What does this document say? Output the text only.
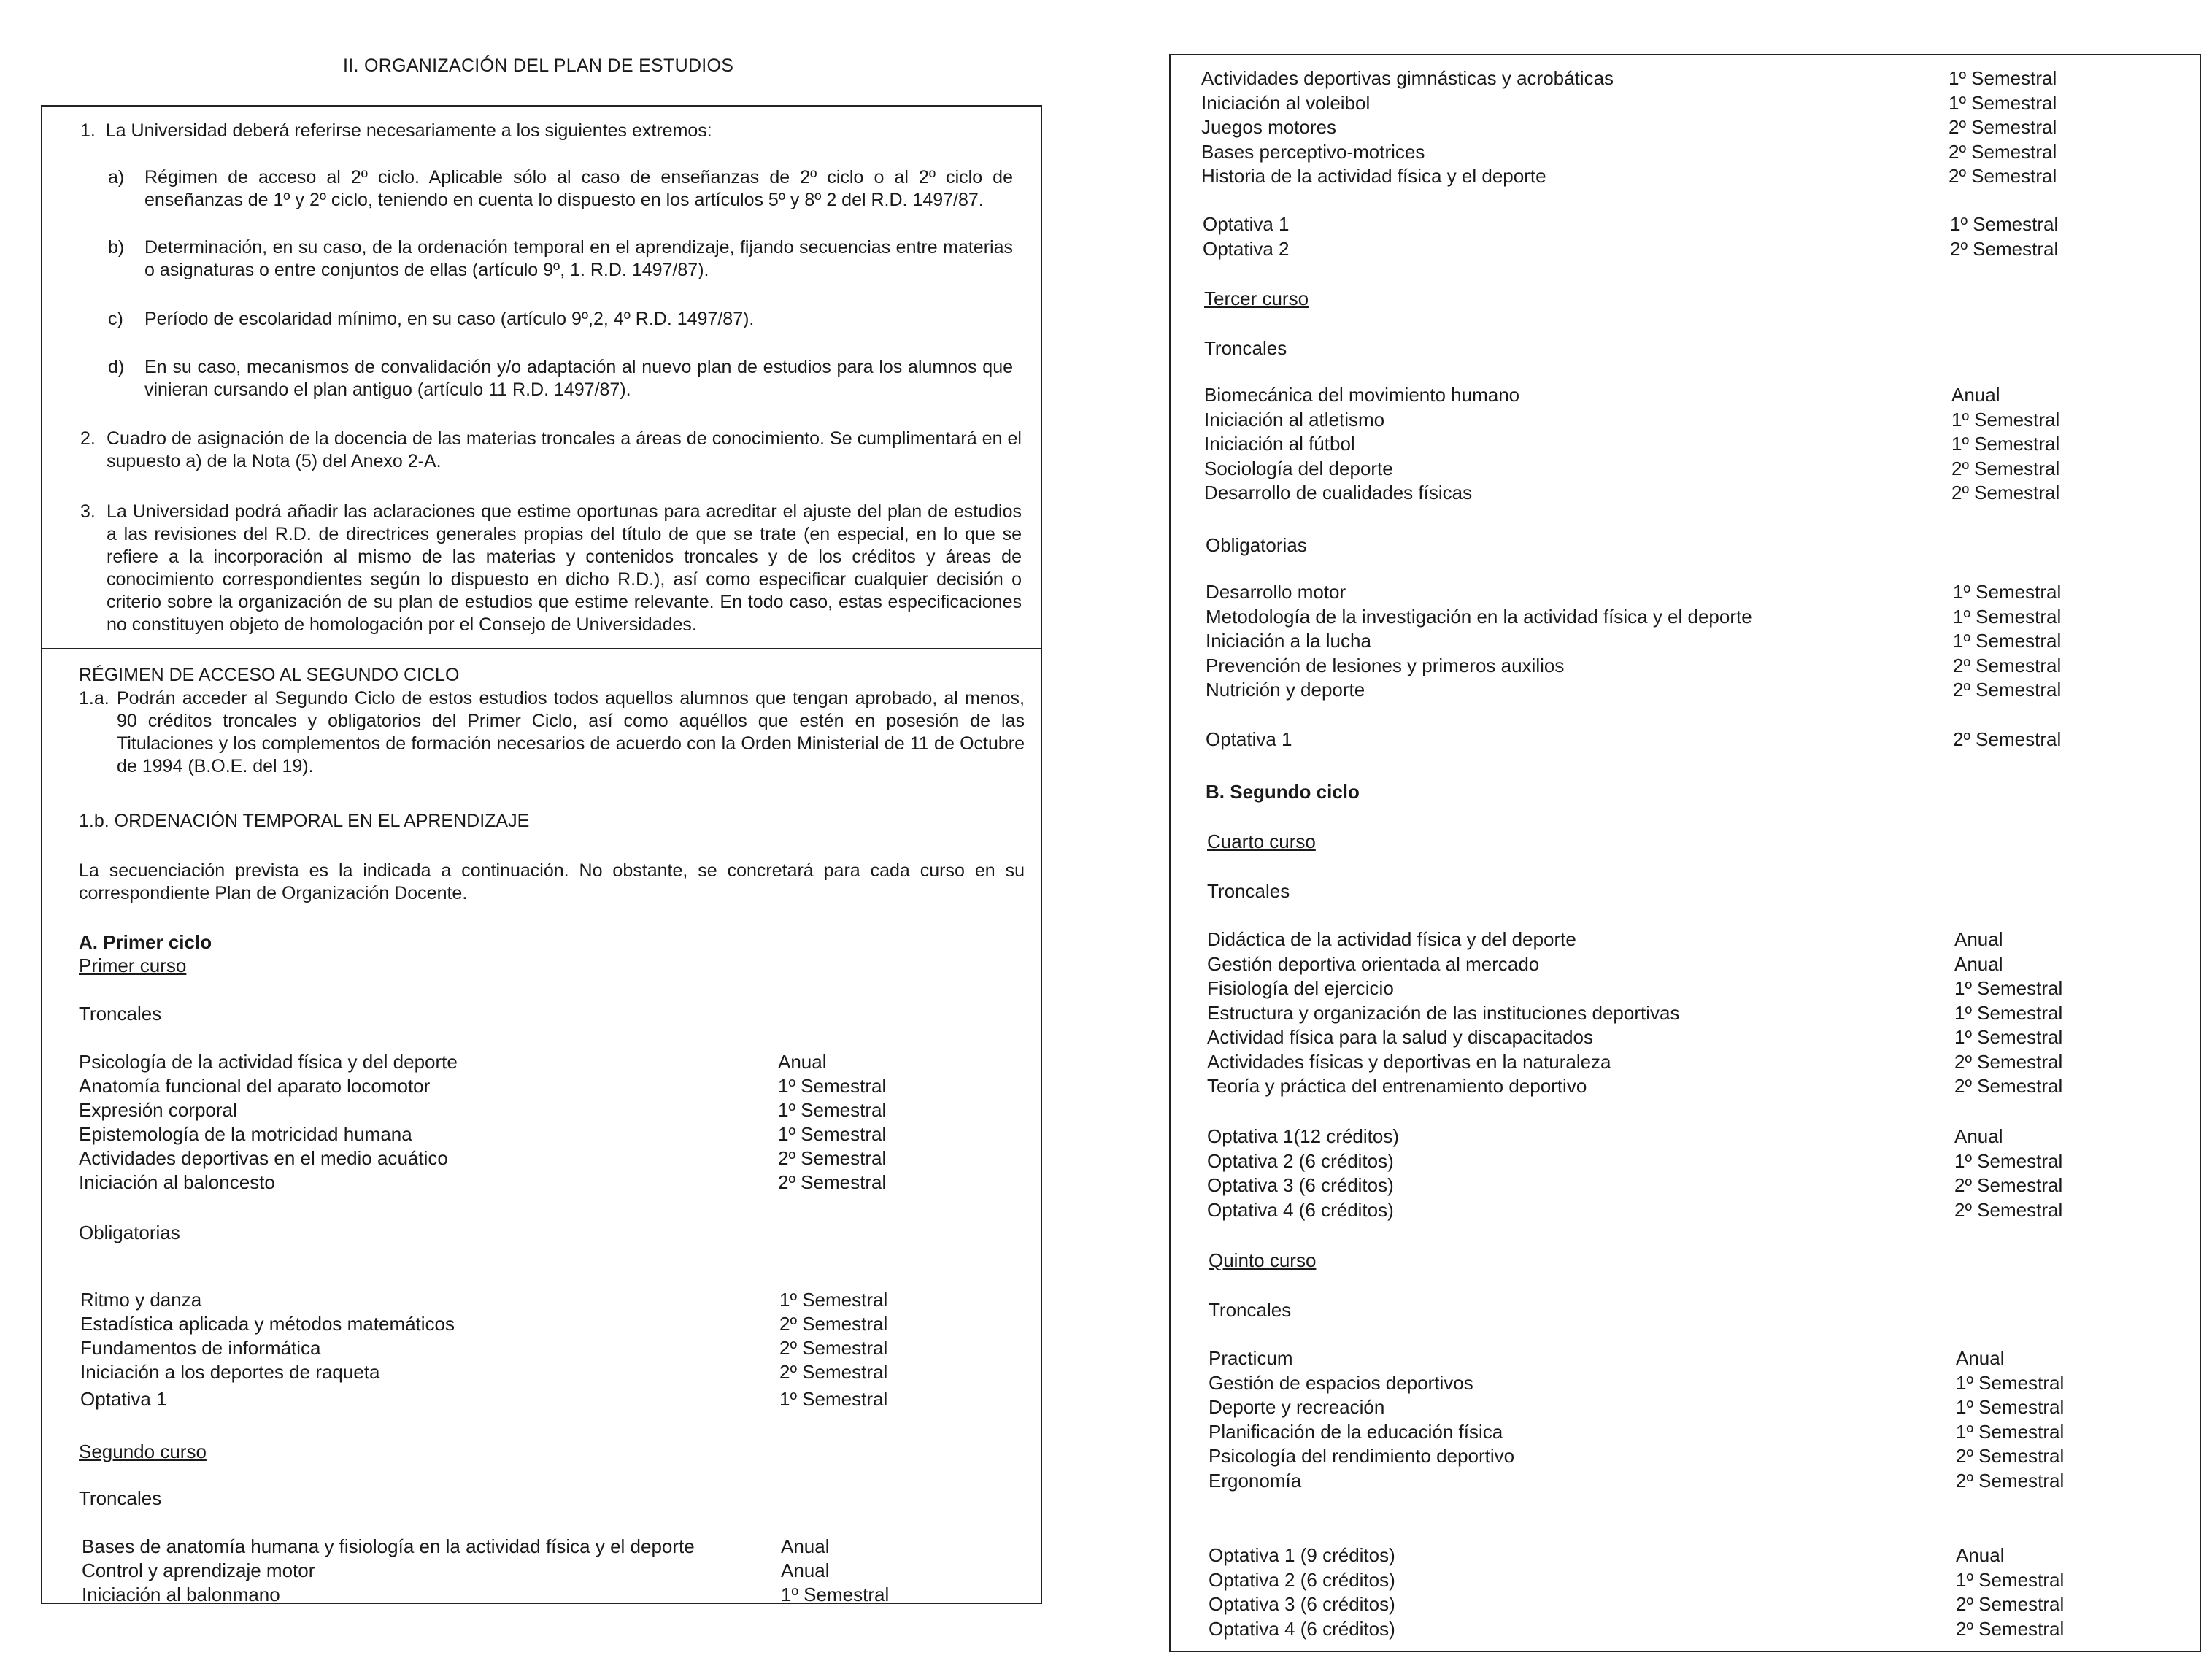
II. ORGANIZACIÓN DEL PLAN DE ESTUDIOS
1. La Universidad deberá referirse necesariamente a los siguientes extremos:
a)	Régimen de acceso al 2º ciclo. Aplicable sólo al caso de enseñanzas de 2º ciclo o al 2º ciclo de enseñanzas de 1º y 2º ciclo, teniendo en cuenta lo dispuesto en los artículos 5º y 8º 2 del R.D. 1497/87.
b)	Determinación, en su caso, de la ordenación temporal en el aprendizaje, fijando secuencias entre materias o asignaturas o entre conjuntos de ellas (artículo 9º, 1. R.D. 1497/87).
c)	Período de escolaridad mínimo, en su caso (artículo 9º,2, 4º R.D. 1497/87).
d)	En su caso, mecanismos de convalidación y/o adaptación al nuevo plan de estudios para los alumnos que vinieran cursando el plan antiguo (artículo 11 R.D. 1497/87).
2. Cuadro de asignación de la docencia de las materias troncales a áreas de conocimiento. Se cumplimentará en el supuesto a) de la Nota (5) del Anexo 2-A.
3. La Universidad podrá añadir las aclaraciones que estime oportunas para acreditar el ajuste del plan de estudios a las revisiones del R.D. de directrices generales propias del título de que se trate (en especial, en lo que se refiere a la incorporación al mismo de las materias y contenidos troncales y de los créditos y áreas de conocimiento correspondientes según lo dispuesto en dicho R.D.), así como especificar cualquier decisión o criterio sobre la organización de su plan de estudios que estime relevante. En todo caso, estas especificaciones no constituyen objeto de homologación por el Consejo de Universidades.
RÉGIMEN DE ACCESO AL SEGUNDO CICLO
1.a. Podrán acceder al Segundo Ciclo de estos estudios todos aquellos alumnos que tengan aprobado, al menos, 90 créditos troncales y obligatorios del Primer Ciclo, así como aquéllos que estén en posesión de las Titulaciones y los complementos de formación necesarios de acuerdo con la Orden Ministerial de 11 de Octubre de 1994 (B.O.E. del 19).
1.b. ORDENACIÓN TEMPORAL EN EL APRENDIZAJE
La secuenciación prevista es la indicada a continuación. No obstante, se concretará para cada curso en su correspondiente Plan de Organización Docente.
A. Primer ciclo
Primer curso
Troncales
Psicología de la actividad física y del deporte	Anual
Anatomía funcional del aparato locomotor	1º Semestral
Expresión corporal	1º Semestral
Epistemología de la motricidad humana	1º Semestral
Actividades deportivas en el medio acuático	2º Semestral
Iniciación al baloncesto	2º Semestral
Obligatorias
Ritmo y danza	1º Semestral
Estadística aplicada y métodos matemáticos	2º Semestral
Fundamentos de informática	2º Semestral
Iniciación a los deportes de raqueta	2º Semestral
Optativa 1	1º Semestral
Segundo curso
Troncales
Bases de anatomía humana y fisiología en la actividad física y el deporte	Anual
Control y aprendizaje motor	Anual
Iniciación al balonmano	1º Semestral
Actividades deportivas gimnásticas y acrobáticas	1º Semestral
Iniciación al voleibol	1º Semestral
Juegos motores	2º Semestral
Bases perceptivo-motrices	2º Semestral
Historia de la actividad física y el deporte	2º Semestral
Optativa 1	1º Semestral
Optativa 2	2º Semestral
Tercer curso
Troncales
Biomecánica del movimiento humano	Anual
Iniciación al atletismo	1º Semestral
Iniciación al fútbol	1º Semestral
Sociología del deporte	2º Semestral
Desarrollo de cualidades físicas	2º Semestral
Obligatorias
Desarrollo motor	1º Semestral
Metodología de la investigación en la actividad física y el deporte	1º Semestral
Iniciación a la lucha	1º Semestral
Prevención de lesiones y primeros auxilios	2º Semestral
Nutrición y deporte	2º Semestral
Optativa 1	2º Semestral
B. Segundo ciclo
Cuarto curso
Troncales
Didáctica de la actividad física y del deporte	Anual
Gestión deportiva orientada al mercado	Anual
Fisiología del ejercicio	1º Semestral
Estructura y organización de las instituciones deportivas	1º Semestral
Actividad física para la salud y discapacitados	1º Semestral
Actividades físicas y deportivas en la naturaleza	2º Semestral
Teoría y práctica del entrenamiento deportivo	2º Semestral
Optativa 1(12 créditos)	Anual
Optativa 2 (6 créditos)	1º Semestral
Optativa 3 (6 créditos)	2º Semestral
Optativa 4 (6 créditos)	2º Semestral
Quinto curso
Troncales
Practicum	Anual
Gestión de espacios deportivos	1º Semestral
Deporte y recreación	1º Semestral
Planificación de la educación física	1º Semestral
Psicología del rendimiento deportivo	2º Semestral
Ergonomía	2º Semestral
Optativa 1 (9 créditos)	Anual
Optativa 2 (6 créditos)	1º Semestral
Optativa 3 (6 créditos)	2º Semestral
Optativa 4 (6 créditos)	2º Semestral
